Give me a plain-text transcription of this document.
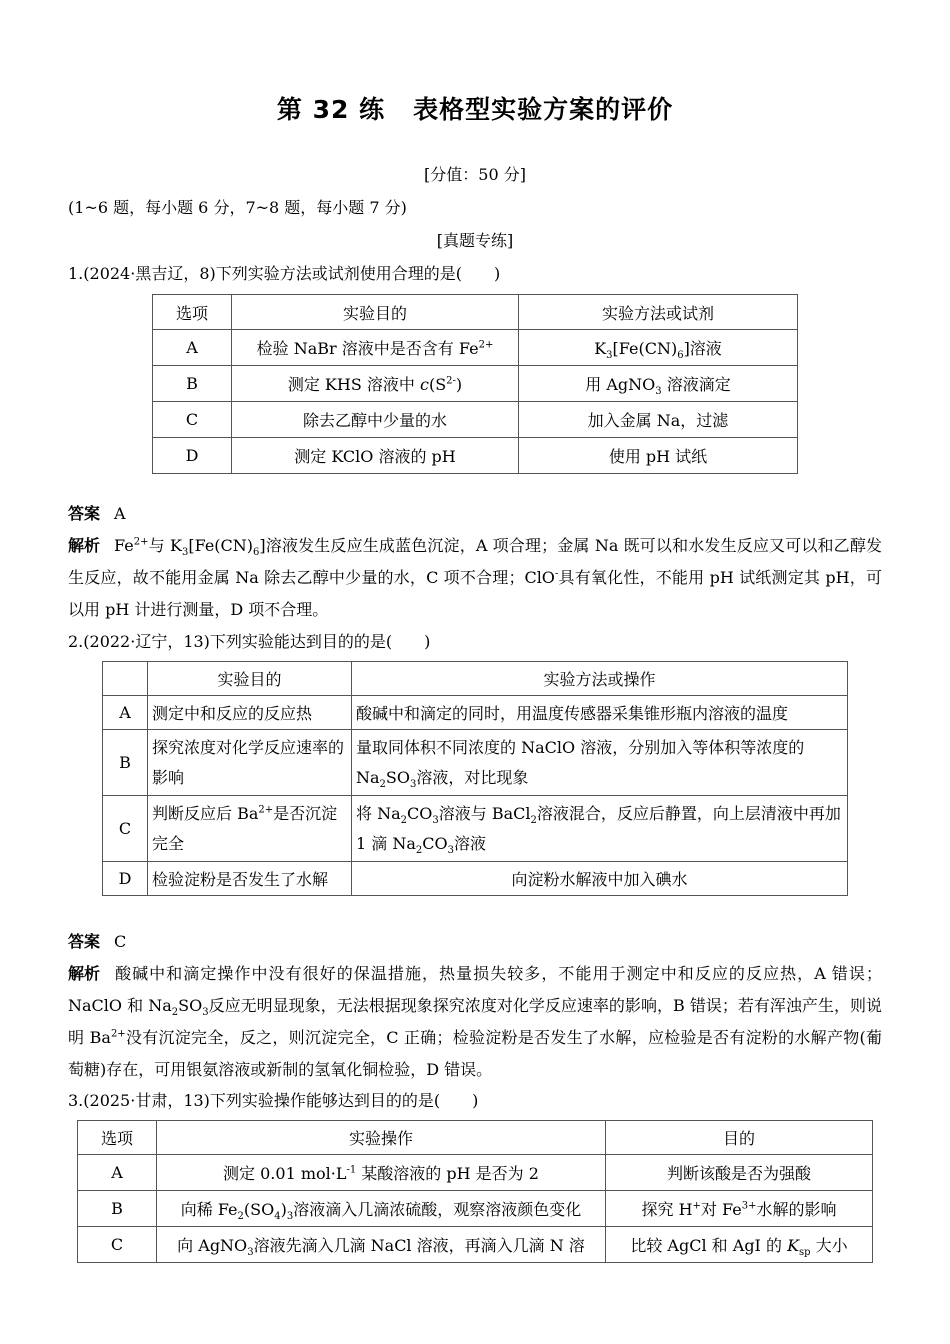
第 32 练 表格型实验方案的评价
[分值：50 分]
(1~6 题，每小题 6 分，7~8 题，每小题 7 分)
[真题专练]
1.(2024·黑吉辽，8)下列实验方法或试剂使用合理的是(　　)
选项	实验目的	实验方法或试剂
A	检验 NaBr 溶液中是否含有 $Fe^{2+}$	$K_3[Fe(CN)_6]$溶液
B	测定 KHS 溶液中 $c(S^{2-})$	用 AgNO$_3$ 溶液滴定
C	除去乙醇中少量的水	加入金属 Na，过滤
D	测定 KClO 溶液的 pH	使用 pH 试纸
答案 A
解析 $Fe^{2+}$与 $K_3[Fe(CN)_6]$溶液发生反应生成蓝色沉淀，A 项合理；金属 Na 既可以和水发生反应又可以和乙醇发生反应，故不能用金属 Na 除去乙醇中少量的水，C 项不合理；ClO-具有氧化性，不能用 pH 试纸测定其 pH，可以用 pH 计进行测量，D 项不合理。
2.(2022·辽宁，13)下列实验能达到目的的是(　　)
	实验目的	实验方法或操作
A	测定中和反应的反应热	酸碱中和滴定的同时，用温度传感器采集锥形瓶内溶液的温度
B	探究浓度对化学反应速率的影响	量取同体积不同浓度的 NaClO 溶液，分别加入等体积等浓度的 $Na_2SO_3$溶液，对比现象
C	判断反应后 $Ba^{2+}$是否沉淀完全	将 $Na_2CO_3$溶液与 BaCl$_2$溶液混合，反应后静置，向上层清液中再加 1 滴 $Na_2CO_3$溶液
D	检验淀粉是否发生了水解	向淀粉水解液中加入碘水
答案 C
解析 酸碱中和滴定操作中没有很好的保温措施，热量损失较多，不能用于测定中和反应的反应热，A 错误；NaClO 和 $Na_2SO_3$反应无明显现象，无法根据现象探究浓度对化学反应速率的影响，B 错误；若有浑浊产生，则说明 $Ba^{2+}$没有沉淀完全，反之，则沉淀完全，C 正确；检验淀粉是否发生了水解，应检验是否有淀粉的水解产物(葡萄糖)存在，可用银氨溶液或新制的氢氧化铜检验，D 错误。
3.(2025·甘肃，13)下列实验操作能够达到目的的是(　　)
选项	实验操作	目的
A	测定 0.01 $mol\cdot L^{-1}$ 某酸溶液的 pH 是否为 2	判断该酸是否为强酸
B	向稀 $Fe_2(SO_4)_3$溶液滴入几滴浓硫酸，观察溶液颜色变化	探究 H+对 $Fe^{3+}$水解的影响
C	向 AgNO$_3$溶液先滴入几滴 NaCl 溶液，再滴入几滴 N 溶	比较 AgCl 和 AgI 的 $K_{sp}$ 大小
